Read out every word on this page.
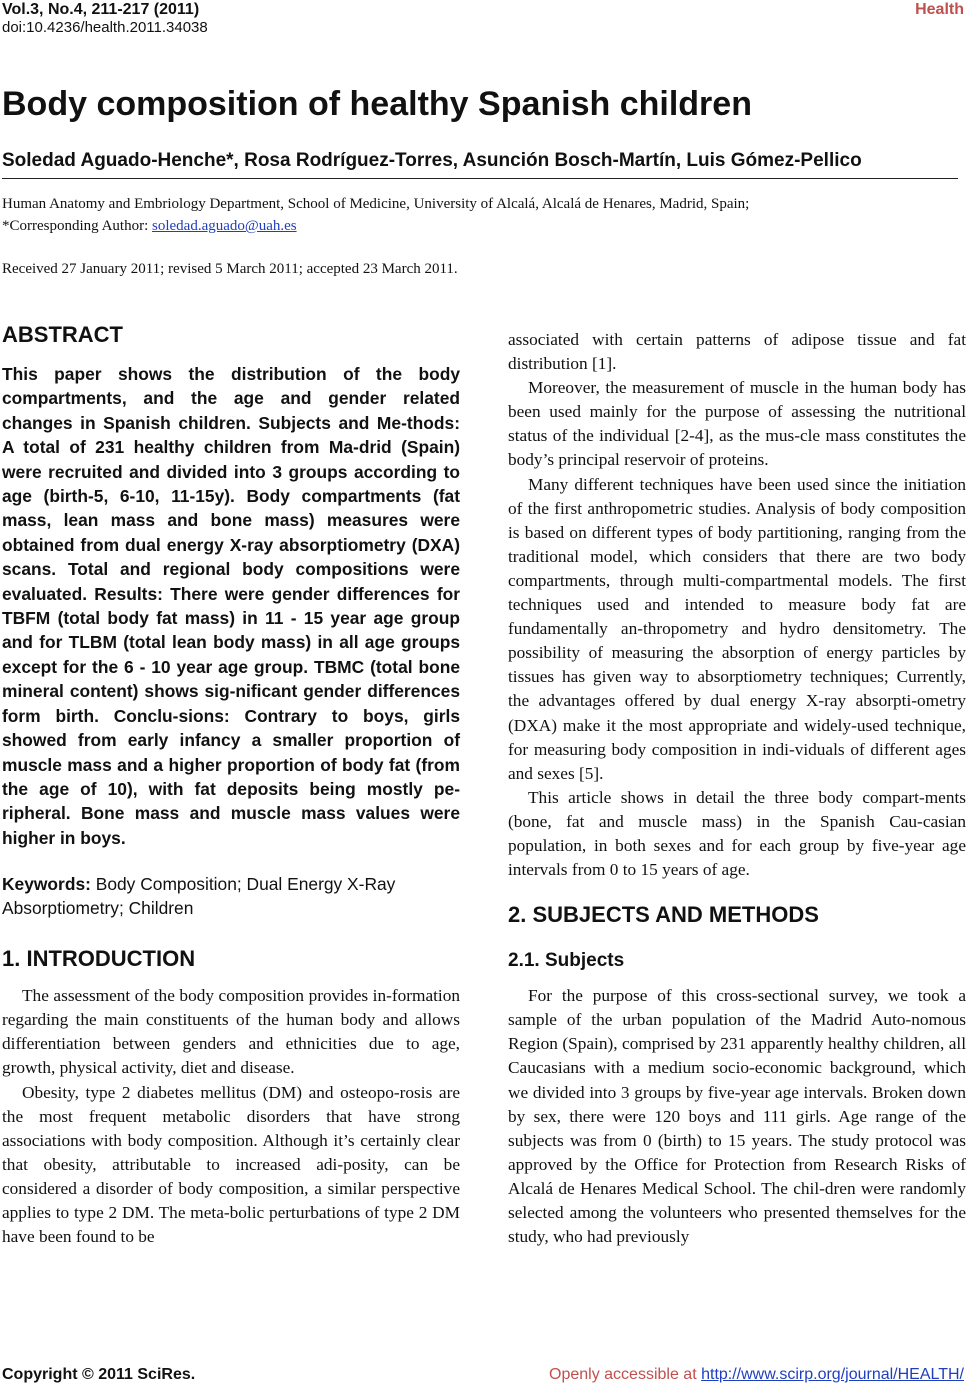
Vol.3, No.4, 211-217 (2011)
doi:10.4236/health.2011.34038
Health
Body composition of healthy Spanish children
Soledad Aguado-Henche*, Rosa Rodríguez-Torres, Asunción Bosch-Martín, Luis Gómez-Pellico
Human Anatomy and Embriology Department, School of Medicine, University of Alcalá, Alcalá de Henares, Madrid, Spain;
*Corresponding Author: soledad.aguado@uah.es
Received 27 January 2011; revised 5 March 2011; accepted 23 March 2011.
ABSTRACT
This paper shows the distribution of the body compartments, and the age and gender related changes in Spanish children. Subjects and Me-thods: A total of 231 healthy children from Ma-drid (Spain) were recruited and divided into 3 groups according to age (birth-5, 6-10, 11-15y). Body compartments (fat mass, lean mass and bone mass) measures were obtained from dual energy X-ray absorptiometry (DXA) scans. Total and regional body compositions were evaluated. Results: There were gender differences for TBFM (total body fat mass) in 11 - 15 year age group and for TLBM (total lean body mass) in all age groups except for the 6 - 10 year age group. TBMC (total bone mineral content) shows sig-nificant gender differences form birth. Conclu-sions: Contrary to boys, girls showed from early infancy a smaller proportion of muscle mass and a higher proportion of body fat (from the age of 10), with fat deposits being mostly pe-ripheral. Bone mass and muscle mass values were higher in boys.
Keywords: Body Composition; Dual Energy X-Ray Absorptiometry; Children
1. INTRODUCTION

The assessment of the body composition provides in-formation regarding the main constituents of the human body and allows differentiation between genders and ethnicities due to age, growth, physical activity, diet and disease.

Obesity, type 2 diabetes mellitus (DM) and osteopo-rosis are the most frequent metabolic disorders that have strong associations with body composition. Although it’s certainly clear that obesity, attributable to increased adi-posity, can be considered a disorder of body composition, a similar perspective applies to type 2 DM. The meta-bolic perturbations of type 2 DM have been found to be

associated with certain patterns of adipose tissue and fat distribution [1].

Moreover, the measurement of muscle in the human body has been used mainly for the purpose of assessing the nutritional status of the individual [2-4], as the mus-cle mass constitutes the body’s principal reservoir of proteins.

Many different techniques have been used since the initiation of the first anthropometric studies. Analysis of body composition is based on different types of body partitioning, ranging from the traditional model, which considers that there are two body compartments, through multi-compartmental models. The first techniques used and intended to measure body fat are fundamentally an-thropometry and hydro densitometry. The possibility of measuring the absorption of energy particles by tissues has given way to absorptiometry techniques; Currently, the advantages offered by dual energy X-ray absorpti-ometry (DXA) make it the most appropriate and widely-used technique, for measuring body composition in indi-viduals of different ages and sexes [5].

This article shows in detail the three body compart-ments (bone, fat and muscle mass) in the Spanish Cau-casian population, in both sexes and for each group by five-year age intervals from 0 to 15 years of age.

2. SUBJECTS AND METHODS
2.1. Subjects

For the purpose of this cross-sectional survey, we took a sample of the urban population of the Madrid Auto-nomous Region (Spain), comprised by 231 apparently healthy children, all Caucasians with a medium socio-economic background, which we divided into 3 groups by five-year age intervals. Broken down by sex, there were 120 boys and 111 girls. Age range of the subjects was from 0 (birth) to 15 years. The study protocol was approved by the Office for Protection from Research Risks of Alcalá de Henares Medical School. The chil-dren were randomly selected among the volunteers who presented themselves for the study, who had previously

Copyright © 2011 SciRes.	Openly accessible at http://www.scirp.org/journal/HEALTH/
